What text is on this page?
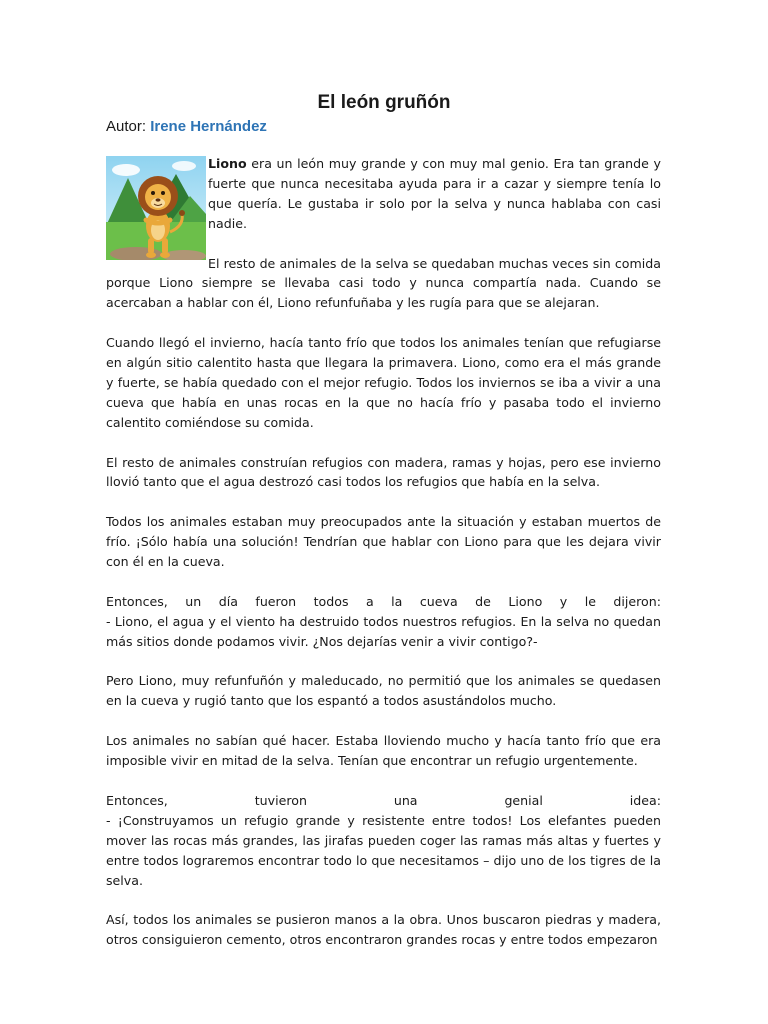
El león gruñón
Autor: Irene Hernández

Liono era un león muy grande y con muy mal genio. Era tan grande y fuerte que nunca necesitaba ayuda para ir a cazar y siempre tenía lo que quería. Le gustaba ir solo por la selva y nunca hablaba con casi nadie.

El resto de animales de la selva se quedaban muchas veces sin comida porque Liono siempre se llevaba casi todo y nunca compartía nada. Cuando se acercaban a hablar con él, Liono refunfuñaba y les rugía para que se alejaran.

Cuando llegó el invierno, hacía tanto frío que todos los animales tenían que refugiarse en algún sitio calentito hasta que llegara la primavera. Liono, como era el más grande y fuerte, se había quedado con el mejor refugio. Todos los inviernos se iba a vivir a una cueva que había en unas rocas en la que no hacía frío y pasaba todo el invierno calentito comiéndose su comida.

El resto de animales construían refugios con madera, ramas y hojas, pero ese invierno llovió tanto que el agua destrozó casi todos los refugios que había en la selva.

Todos los animales estaban muy preocupados ante la situación y estaban muertos de frío. ¡Sólo había una solución! Tendrían que hablar con Liono para que les dejara vivir con él en la cueva.

Entonces, un día fueron todos a la cueva de Liono y le dijeron:
- Liono, el agua y el viento ha destruido todos nuestros refugios. En la selva no quedan más sitios donde podamos vivir. ¿Nos dejarías venir a vivir contigo?-

Pero Liono, muy refunfuñón y maleducado, no permitió que los animales se quedasen en la cueva y rugió tanto que los espantó a todos asustándolos mucho.

Los animales no sabían qué hacer. Estaba lloviendo mucho y hacía tanto frío que era imposible vivir en mitad de la selva. Tenían que encontrar un refugio urgentemente.

Entonces, tuvieron una genial idea:
- ¡Construyamos un refugio grande y resistente entre todos! Los elefantes pueden mover las rocas más grandes, las jirafas pueden coger las ramas más altas y fuertes y entre todos lograremos encontrar todo lo que necesitamos – dijo uno de los tigres de la selva.

Así, todos los animales se pusieron manos a la obra. Unos buscaron piedras y madera, otros consiguieron cemento, otros encontraron grandes rocas y entre todos empezaron
